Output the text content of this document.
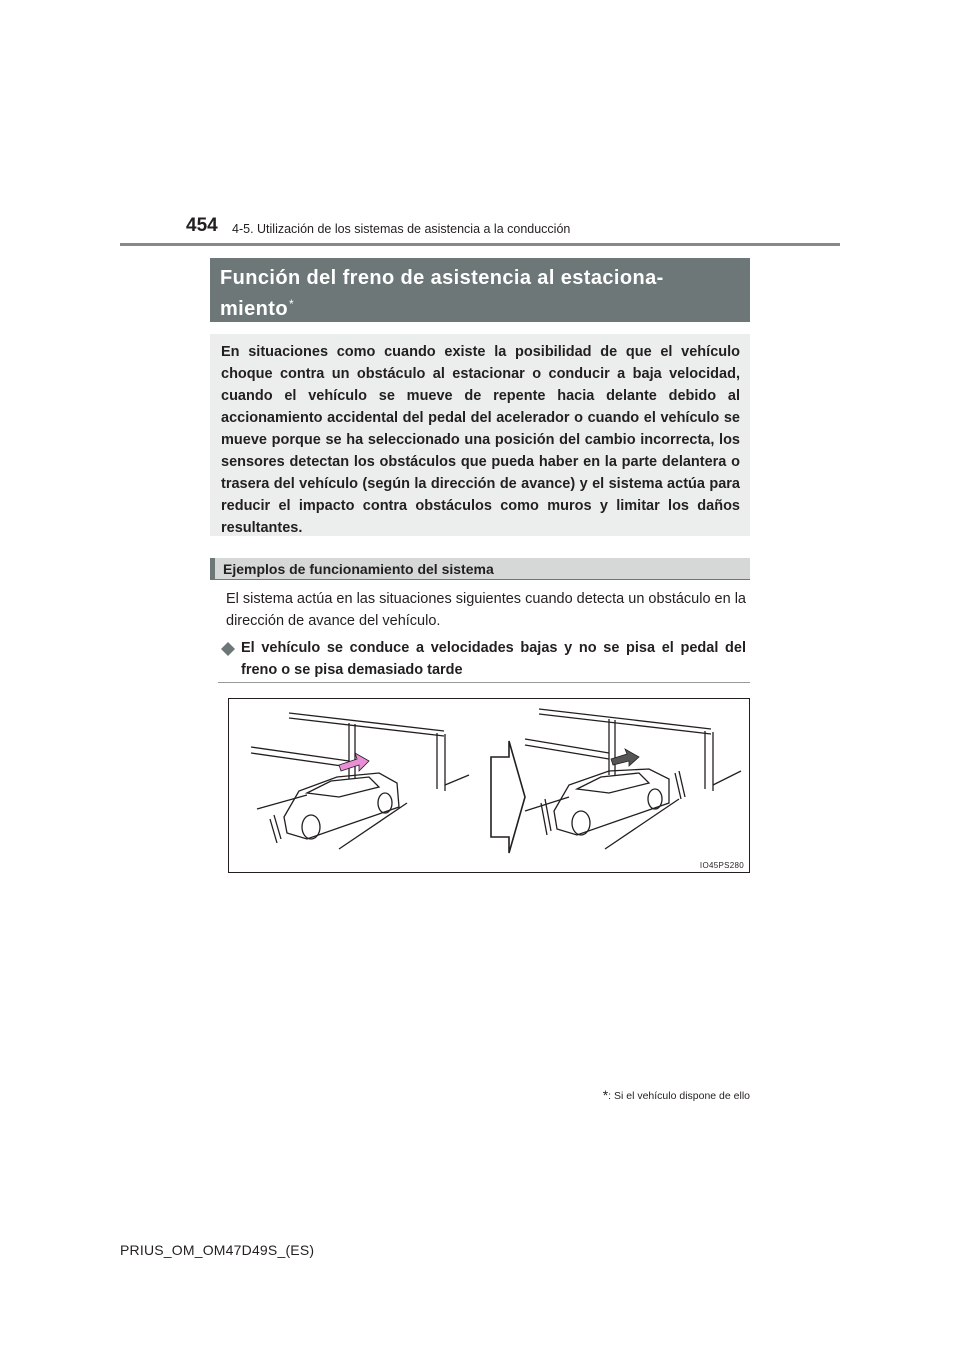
454 4-5. Utilización de los sistemas de asistencia a la conducción
Función del freno de asistencia al estaciona-
miento*
En situaciones como cuando existe la posibilidad de que el vehículo choque contra un obstáculo al estacionar o conducir a baja velocidad, cuando el vehículo se mueve de repente hacia delante debido al accionamiento accidental del pedal del acelerador o cuando el vehículo se mueve porque se ha seleccionado una posición del cambio incorrecta, los sensores detectan los obstáculos que pueda haber en la parte delantera o trasera del vehículo (según la dirección de avance) y el sistema actúa para reducir el impacto contra obstáculos como muros y limitar los daños resultantes.
Ejemplos de funcionamiento del sistema
El sistema actúa en las situaciones siguientes cuando detecta un obstáculo en la dirección de avance del vehículo.
El vehículo se conduce a velocidades bajas y no se pisa el pedal del freno o se pisa demasiado tarde
IO45PS280
*: Si el vehículo dispone de ello
PRIUS_OM_OM47D49S_(ES)
